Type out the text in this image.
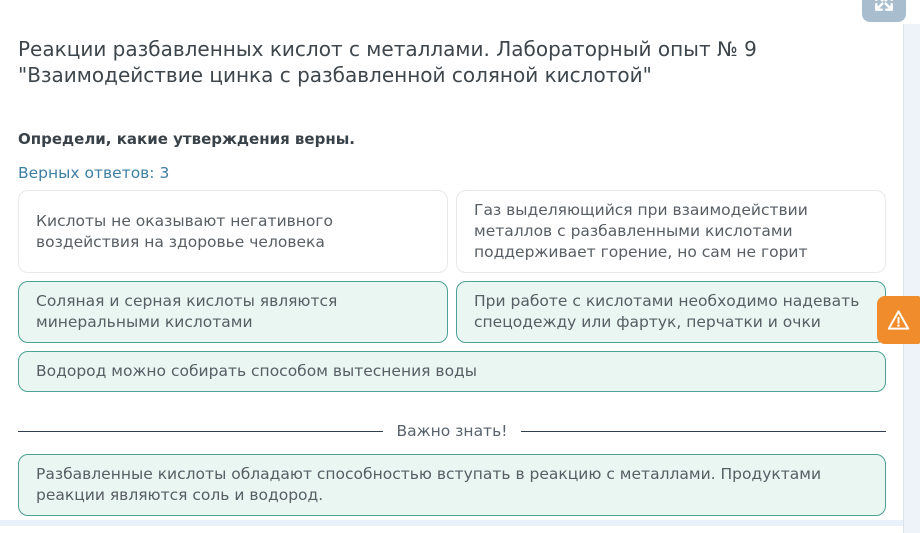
Реакции разбавленных кислот с металлами. Лабораторный опыт № 9 "Взаимодействие цинка с разбавленной соляной кислотой"
Определи, какие утверждения верны.
Верных ответов: 3
Кислоты не оказывают негативного воздействия на здоровье человека
Газ выделяющийся при взаимодействии металлов с разбавленными кислотами поддерживает горение, но сам не горит
Соляная и серная кислоты являются минеральными кислотами
При работе с кислотами необходимо надевать спецодежду или фартук, перчатки и очки
Водород можно собирать способом вытеснения воды
Важно знать!
Разбавленные кислоты обладают способностью вступать в реакцию с металлами. Продуктами реакции являются соль и водород.
